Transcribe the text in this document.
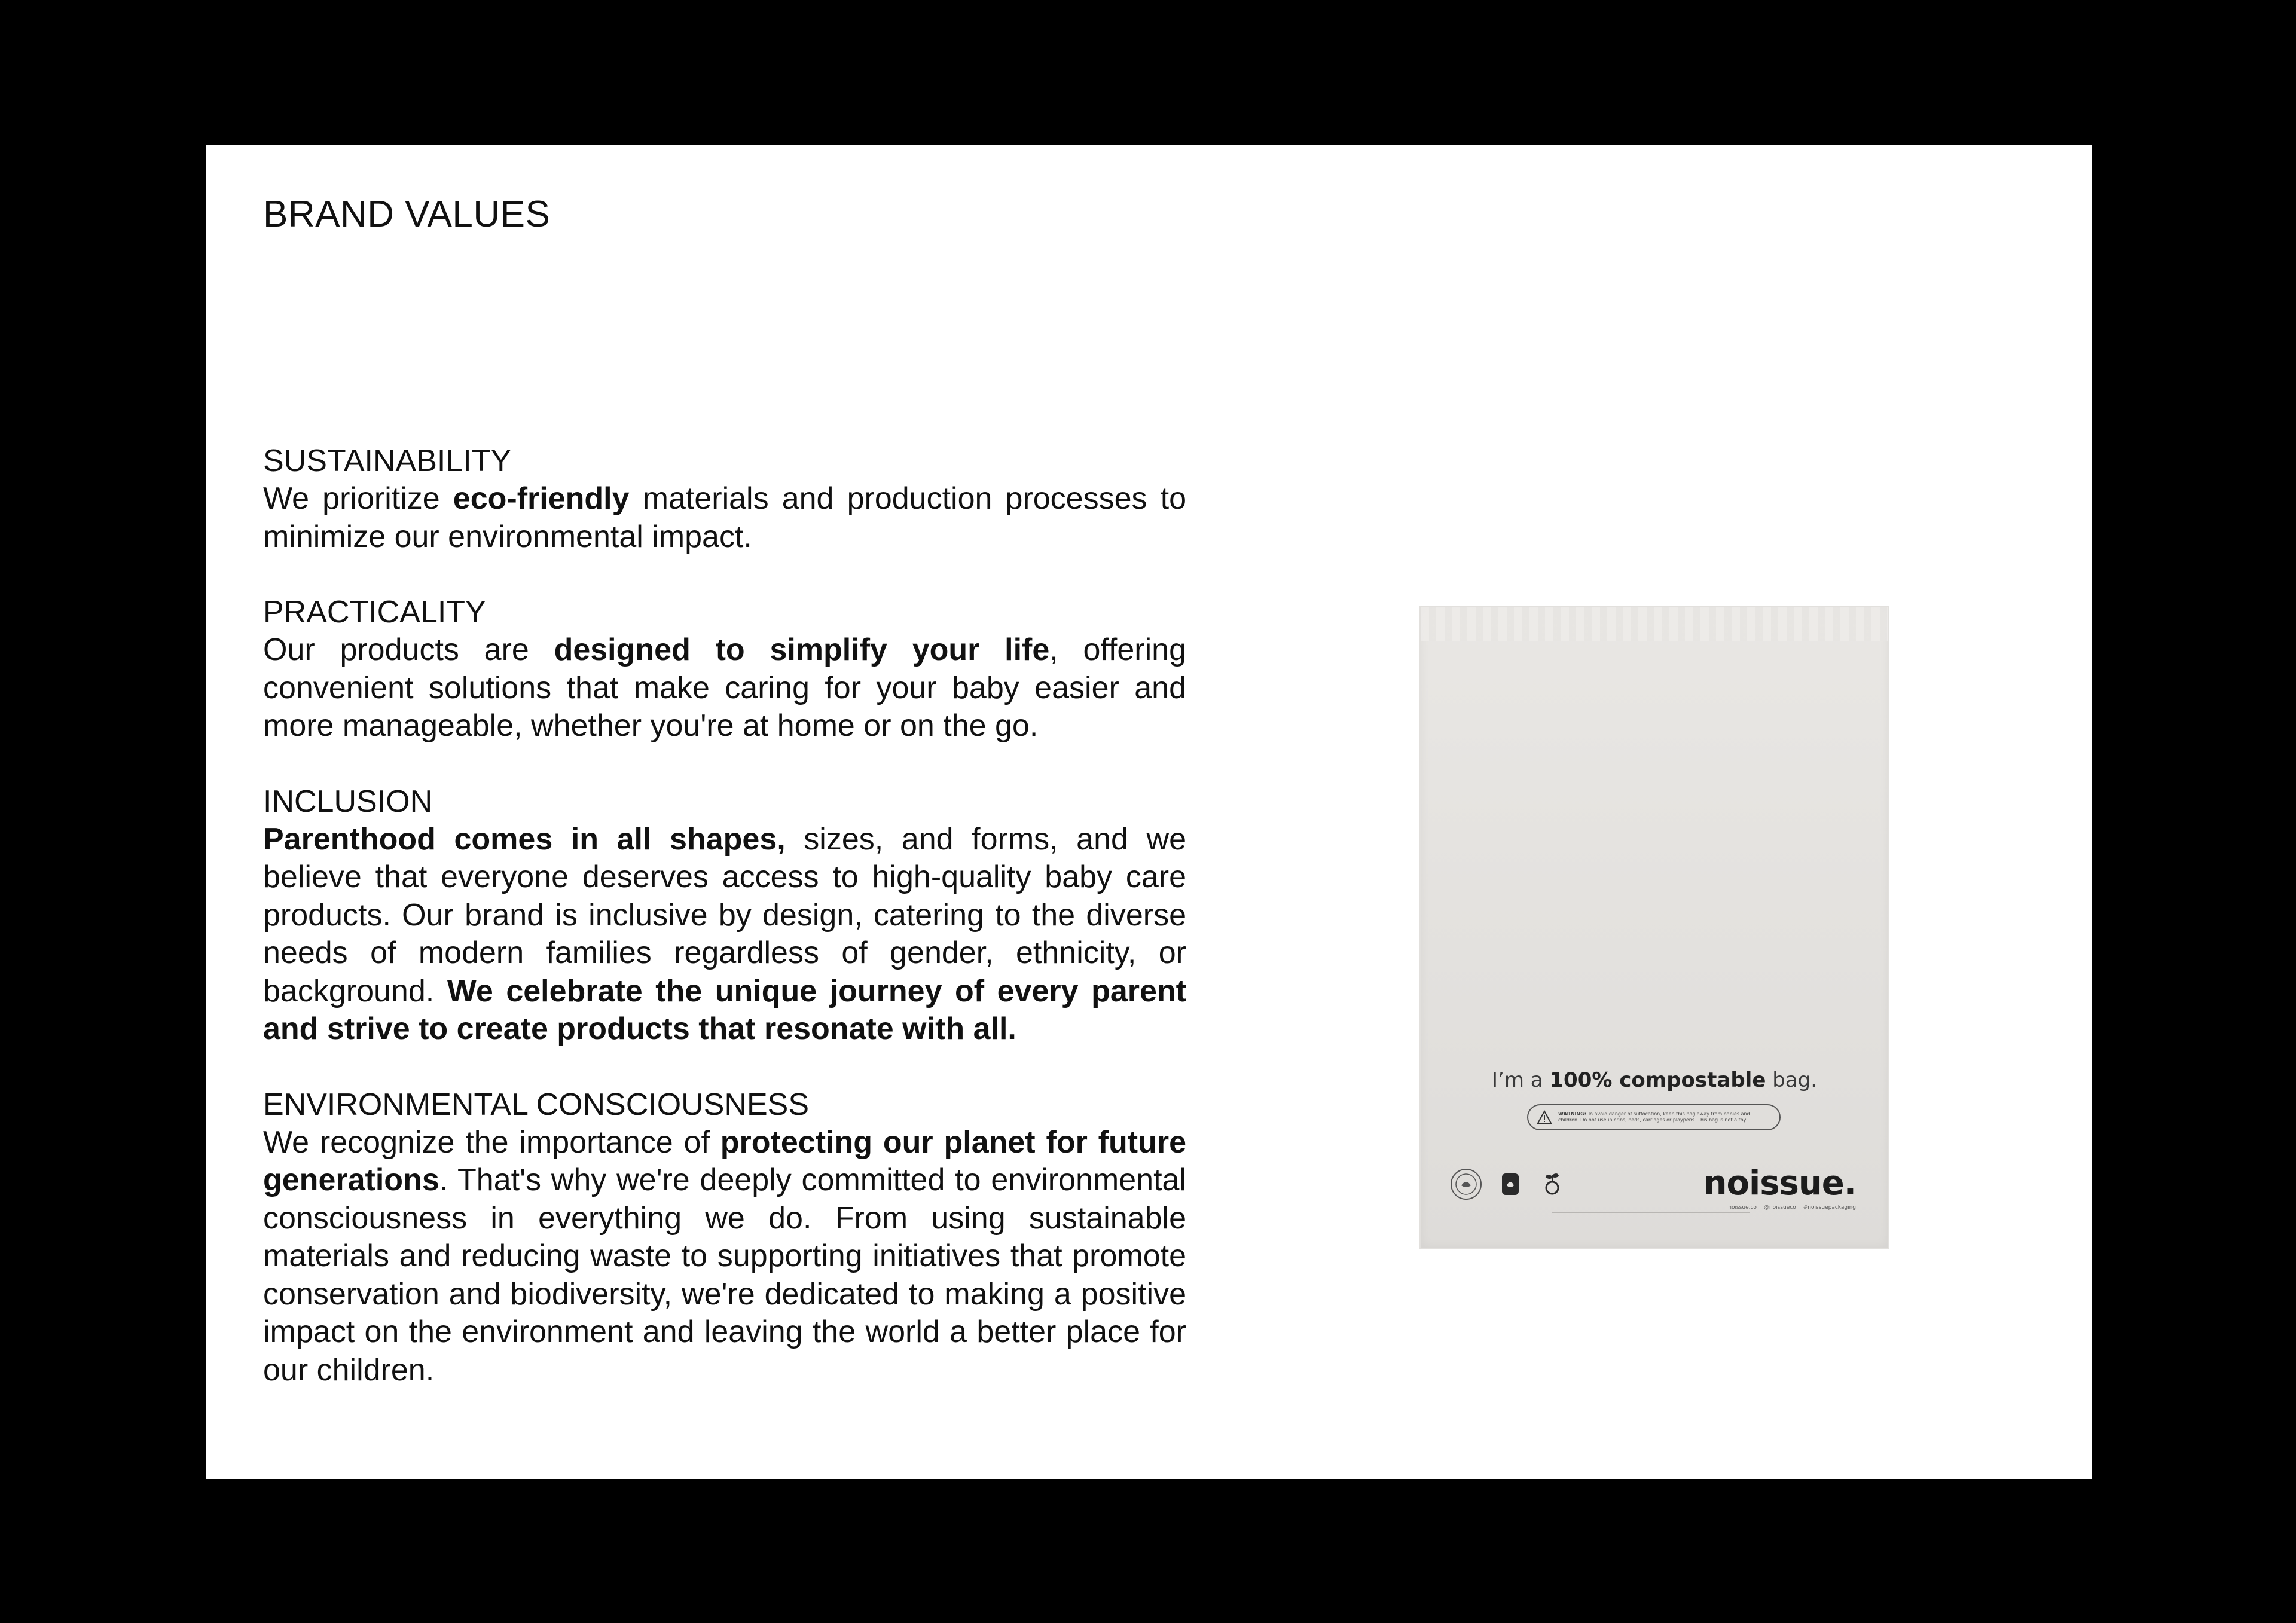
BRAND VALUES
SUSTAINABILITY

We prioritize eco-friendly materials and production processes to minimize our environmental impact.

PRACTICALITY

Our products are designed to simplify your life, offering convenient solutions that make caring for your baby easier and more manageable, whether you're at home or on the go.

INCLUSION

Parenthood comes in all shapes, sizes, and forms, and we believe that everyone deserves access to high-quality baby care products. Our brand is inclusive by design, catering to the diverse needs of modern families regardless of gender, ethnicity, or background. We celebrate the unique journey of every parent and strive to create products that resonate with all.

ENVIRONMENTAL CONSCIOUSNESS

We recognize the importance of protecting our planet for future generations. That's why we're deeply committed to environmental consciousness in everything we do. From using sustainable materials and reducing waste to supporting initiatives that promote conservation and biodiversity, we're dedicated to making a positive impact on the environment and leaving the world a better place for our children.

I’m a 100% compostable bag.
WARNING: To avoid danger of suffocation, keep this bag away from babies and children. Do not use in cribs, beds, carriages or playpens. This bag is not a toy.
noissue.
noissue.co @noissueco #noissuepackaging
